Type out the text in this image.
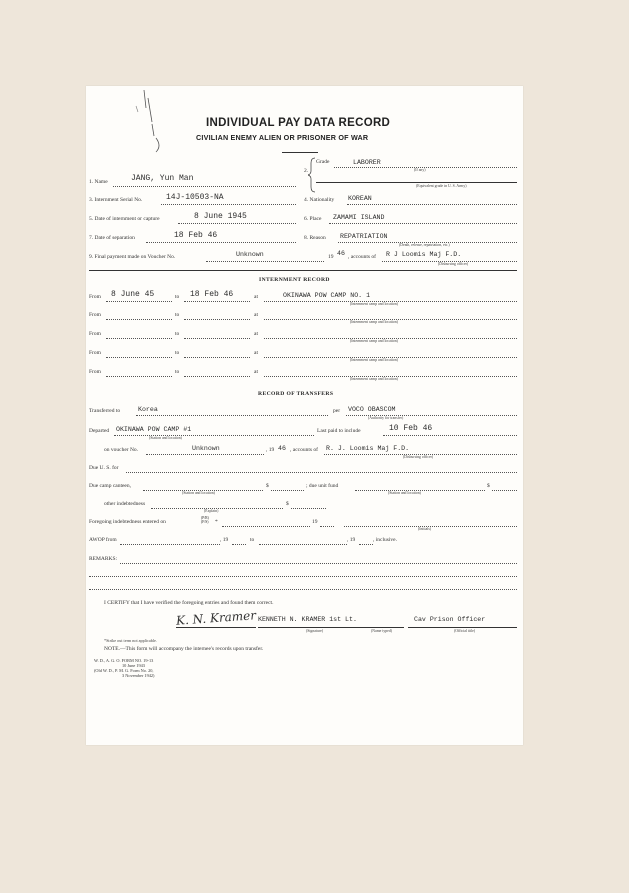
INDIVIDUAL PAY DATA RECORD
CIVILIAN ENEMY ALIEN OR PRISONER OF WAR
2.
Grade	LABORER
(If any)
(Equivalent grade in U. S. Army)
1. Name	JANG, Yun Man
3. Internment Serial No.	14J-10503-NA	4. Nationality KOREAN
5. Date of internment or capture	8 June 1945	6. Place ZAMAMI ISLAND
7. Date of separation	18 Feb 46	8. Reason REPATRIATION
(Death, release, repatriation, etc.)
9. Final payment made on Voucher No.	Unknown	19 46 , accounts of R J Loomis Maj F.D.
(Disbursing officer)
INTERNMENT RECORD
From 8 June 45	to 18 Feb 46	at	OKINAWA POW CAMP NO. 1
(Internment camp and location)
From	to	at
(Internment camp and location)
From	to	at
(Internment camp and location)
From	to	at
(Internment camp and location)
From	to	at
(Internment camp and location)
RECORD OF TRANSFERS
Transferred to	Korea	per VOCO OBASCOM
(Authority for transfer)
Departed OKINAWA POW CAMP #1
(Station and location)
Last paid to include	10 Feb 46
on voucher No.	Unknown	, 19 46 , accounts of R. J. Loomis Maj F.D.
(Disbursing officer)
Due U. S. for
Due camp canteen,
(Station and location)
$	; due unit fund
(Station and location)
$
other indebtedness
(Explain)
$
Foregoing indebtedness entered on
(P/R)
(F/S) *	19
(Initials)
AWOP from	, 19	to	, 19	, inclusive.
REMARKS:
I CERTIFY that I have verified the foregoing entries and found them correct.
K. N. Kramer KENNETH N. KRAMER 1st Lt.	Cav Prison Officer
(Signature)	(Name typed)	(Official title)
*Strike out term not applicable.
NOTE.—This form will accompany the internee's records upon transfer.
W. D., A. G. O. FORM NO. 19-13
10 June 1943
(Old W. D., P. M. G. Form No. 20,
3 November 1942)
